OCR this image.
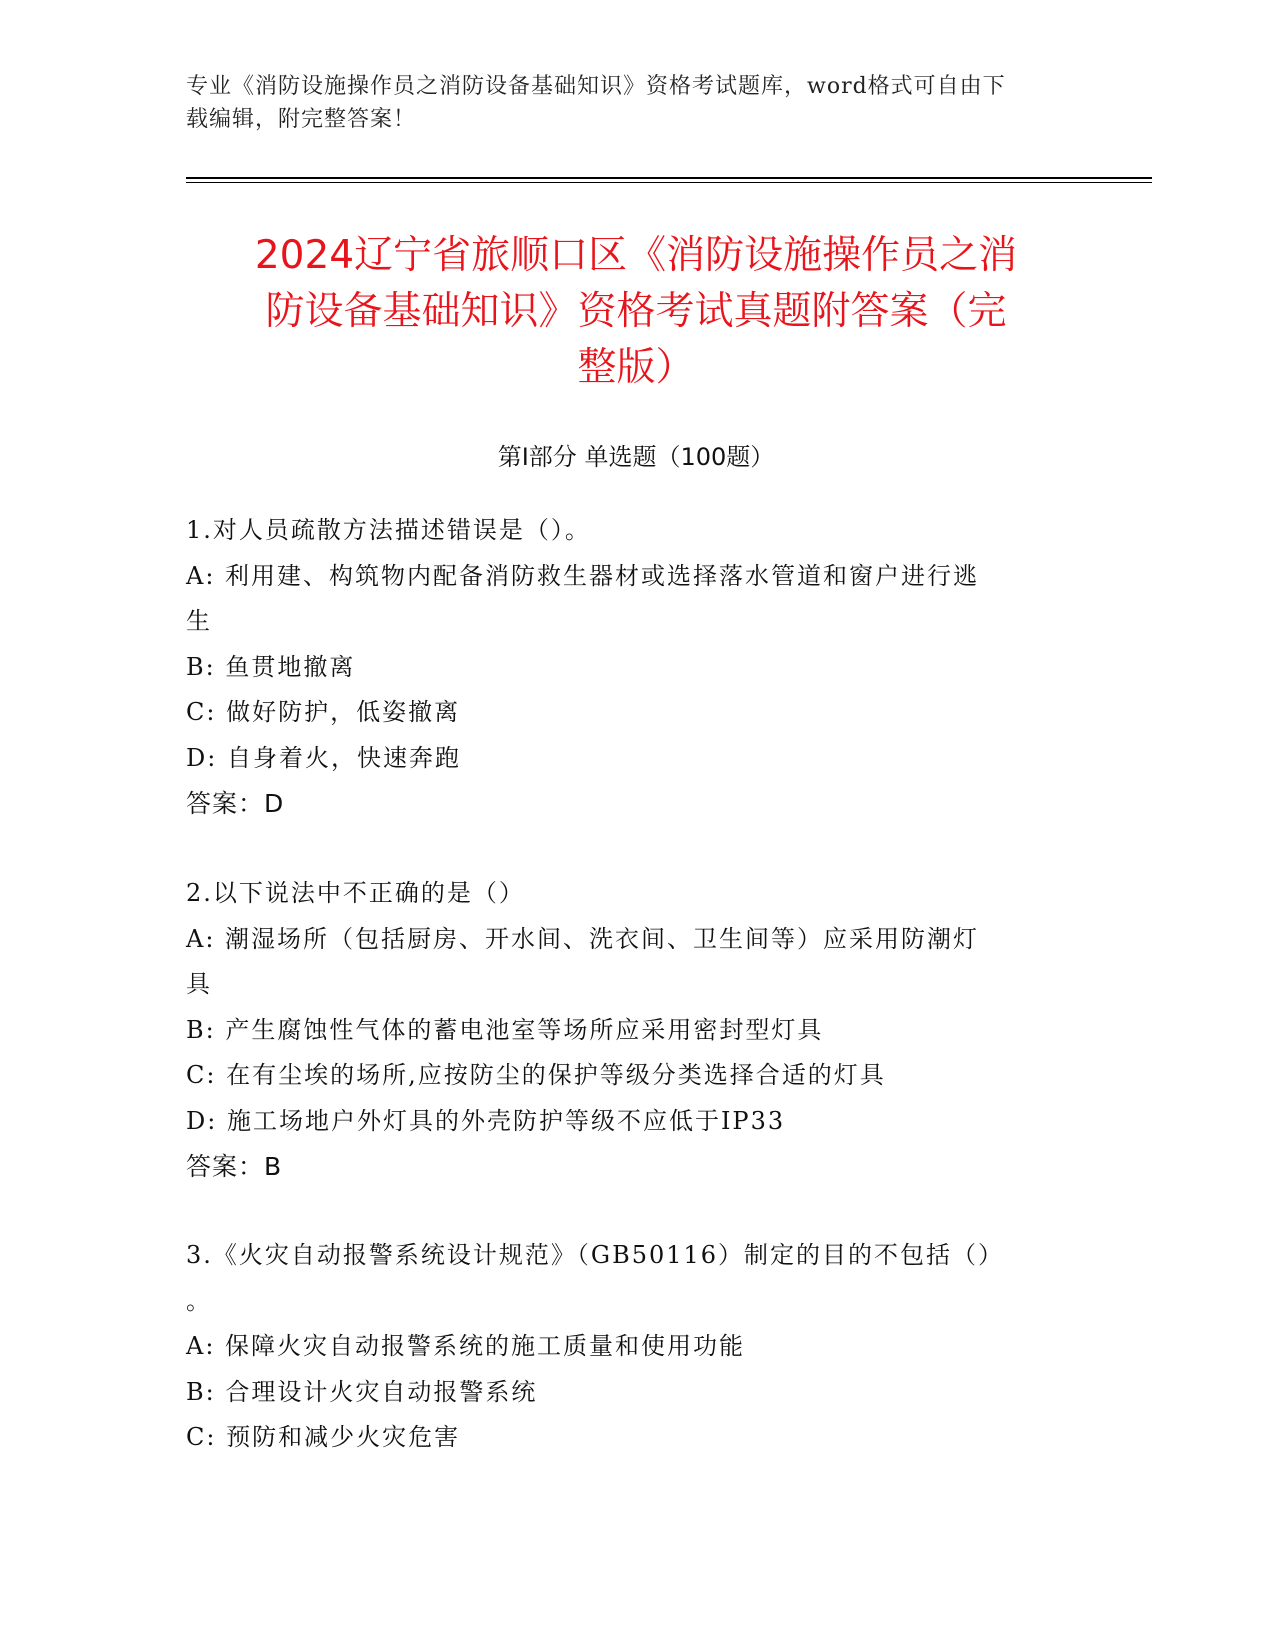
专业《消防设施操作员之消防设备基础知识》资格考试题库，word格式可自由下
载编辑，附完整答案！
2024辽宁省旅顺口区《消防设施操作员之消
防设备基础知识》资格考试真题附答案（完
整版）
第Ⅰ部分 单选题（100题）

1.对人员疏散方法描述错误是（）。

A: 利用建、构筑物内配备消防救生器材或选择落水管道和窗户进行逃

生

B: 鱼贯地撤离

C: 做好防护，低姿撤离

D: 自身着火，快速奔跑

答案：D

2.以下说法中不正确的是（）

A: 潮湿场所（包括厨房、开水间、洗衣间、卫生间等）应采用防潮灯

具

B: 产生腐蚀性气体的蓄电池室等场所应采用密封型灯具

C: 在有尘埃的场所,应按防尘的保护等级分类选择合适的灯具

D: 施工场地户外灯具的外壳防护等级不应低于IP33

答案：B

3.《火灾自动报警系统设计规范》（GB50116）制定的目的不包括（）

。

A: 保障火灾自动报警系统的施工质量和使用功能

B: 合理设计火灾自动报警系统

C: 预防和减少火灾危害
